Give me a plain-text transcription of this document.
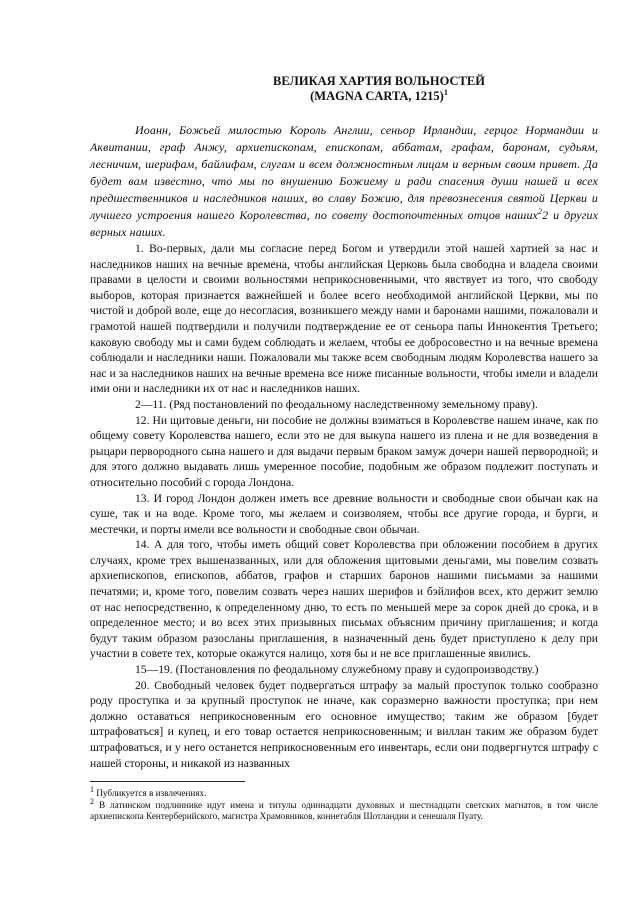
ВЕЛИКАЯ ХАРТИЯ ВОЛЬНОСТЕЙ
(MAGNA CARTA, 1215)$^1$

Иоанн, Божьей милостью Король Англии, сеньор Ирландии, герцог Нормандии и Аквитании, граф Анжу, архиепископам, епископам, аббатам, графам, баронам, судьям, лесничим, шерифам, байлифам, слугам и всем должностным лицам и верным своим привет. Да будет вам известно, что мы по внушению Божиему и ради спасения души нашей и всех предшественников и наследников наших, во славу Божию, для превознесения святой Церкви и лучшего устроения нашего Королевства, по совету достопочтенных отцов наших$^2$2 и других верных наших.

1. Во-первых, дали мы согласие перед Богом и утвердили этой нашей хартией за нас и наследников наших на вечные времена, чтобы английская Церковь была свободна и владела своими правами в целости и своими вольностями неприкосновенными, что явствует из того, что свободу выборов, которая признается важнейшей и более всего необходимой английской Церкви, мы по чистой и доброй воле, еще до несогласия, возникшего между нами и баронами нашими, пожаловали и грамотой нашей подтвердили и получили подтверждение ее от сеньора папы Иннокентия Третьего; каковую свободу мы и сами будем соблюдать и желаем, чтобы ее добросовестно и на вечные времена соблюдали и наследники наши. Пожаловали мы также всем свободным людям Королевства нашего за нас и за наследников наших на вечные времена все ниже писанные вольности, чтобы имели и владели ими они и наследники их от нас и наследников наших.

2—11. (Ряд постановлений по феодальному наследственному земельному праву).

12. Ни щитовые деньги, ни пособие не должны взиматься в Королевстве нашем иначе, как по общему совету Королевства нашего, если это не для выкупа нашего из плена и не для возведения в рыцари первородного сына нашего и для выдачи первым браком замуж дочери нашей первородной; и для этого должно выдавать лишь умеренное пособие, подобным же образом подлежит поступать и относительно пособий с города Лондона.

13. И город Лондон должен иметь все древние вольности и свободные свои обычаи как на суше, так и на воде. Кроме того, мы желаем и соизволяем, чтобы все другие города, и бурги, и местечки, и порты имели все вольности и свободные свои обычаи.

14. А для того, чтобы иметь общий совет Королевства при обложении пособием в других случаях, кроме трех вышеназванных, или для обложения щитовыми деньгами, мы повелим созвать архиепископов, епископов, аббатов, графов и старших баронов нашими письмами за нашими печатями; и, кроме того, повелим созвать через наших шерифов и бэйлифов всех, кто держит землю от нас непосредственно, к определенному дню, то есть по меньшей мере за сорок дней до срока, и в определенное место; и во всех этих призывных письмах объясним причину приглашения; и когда будут таким образом разосланы приглашения, в назначенный день будет приступлено к делу при участии в совете тех, которые окажутся налицо, хотя бы и не все приглашенные явились.

15—19. (Постановления по феодальному служебному праву и судопроизводству.)

20. Свободный человек будет подвергаться штрафу за малый проступок только сообразно роду проступка и за крупный проступок не иначе, как соразмерно важности проступка; при нем должно оставаться неприкосновенным его основное имущество; таким же образом [будет штрафоваться] и купец, и его товар остается неприкосновенным; и виллан таким же образом будет штрафоваться, и у него останется неприкосновенным его инвентарь, если они подвергнутся штрафу с нашей стороны, и никакой из названных

$^1$ Публикуется в извлечениях.

$^2$ В латинском подлиннике идут имена и титулы одиннадцати духовных и шестнадцати светских магнатов, в том числе архиепископа Кентерберийского, магистра Храмовников, коннетабля Шотландии и сенешаля Пуату.
